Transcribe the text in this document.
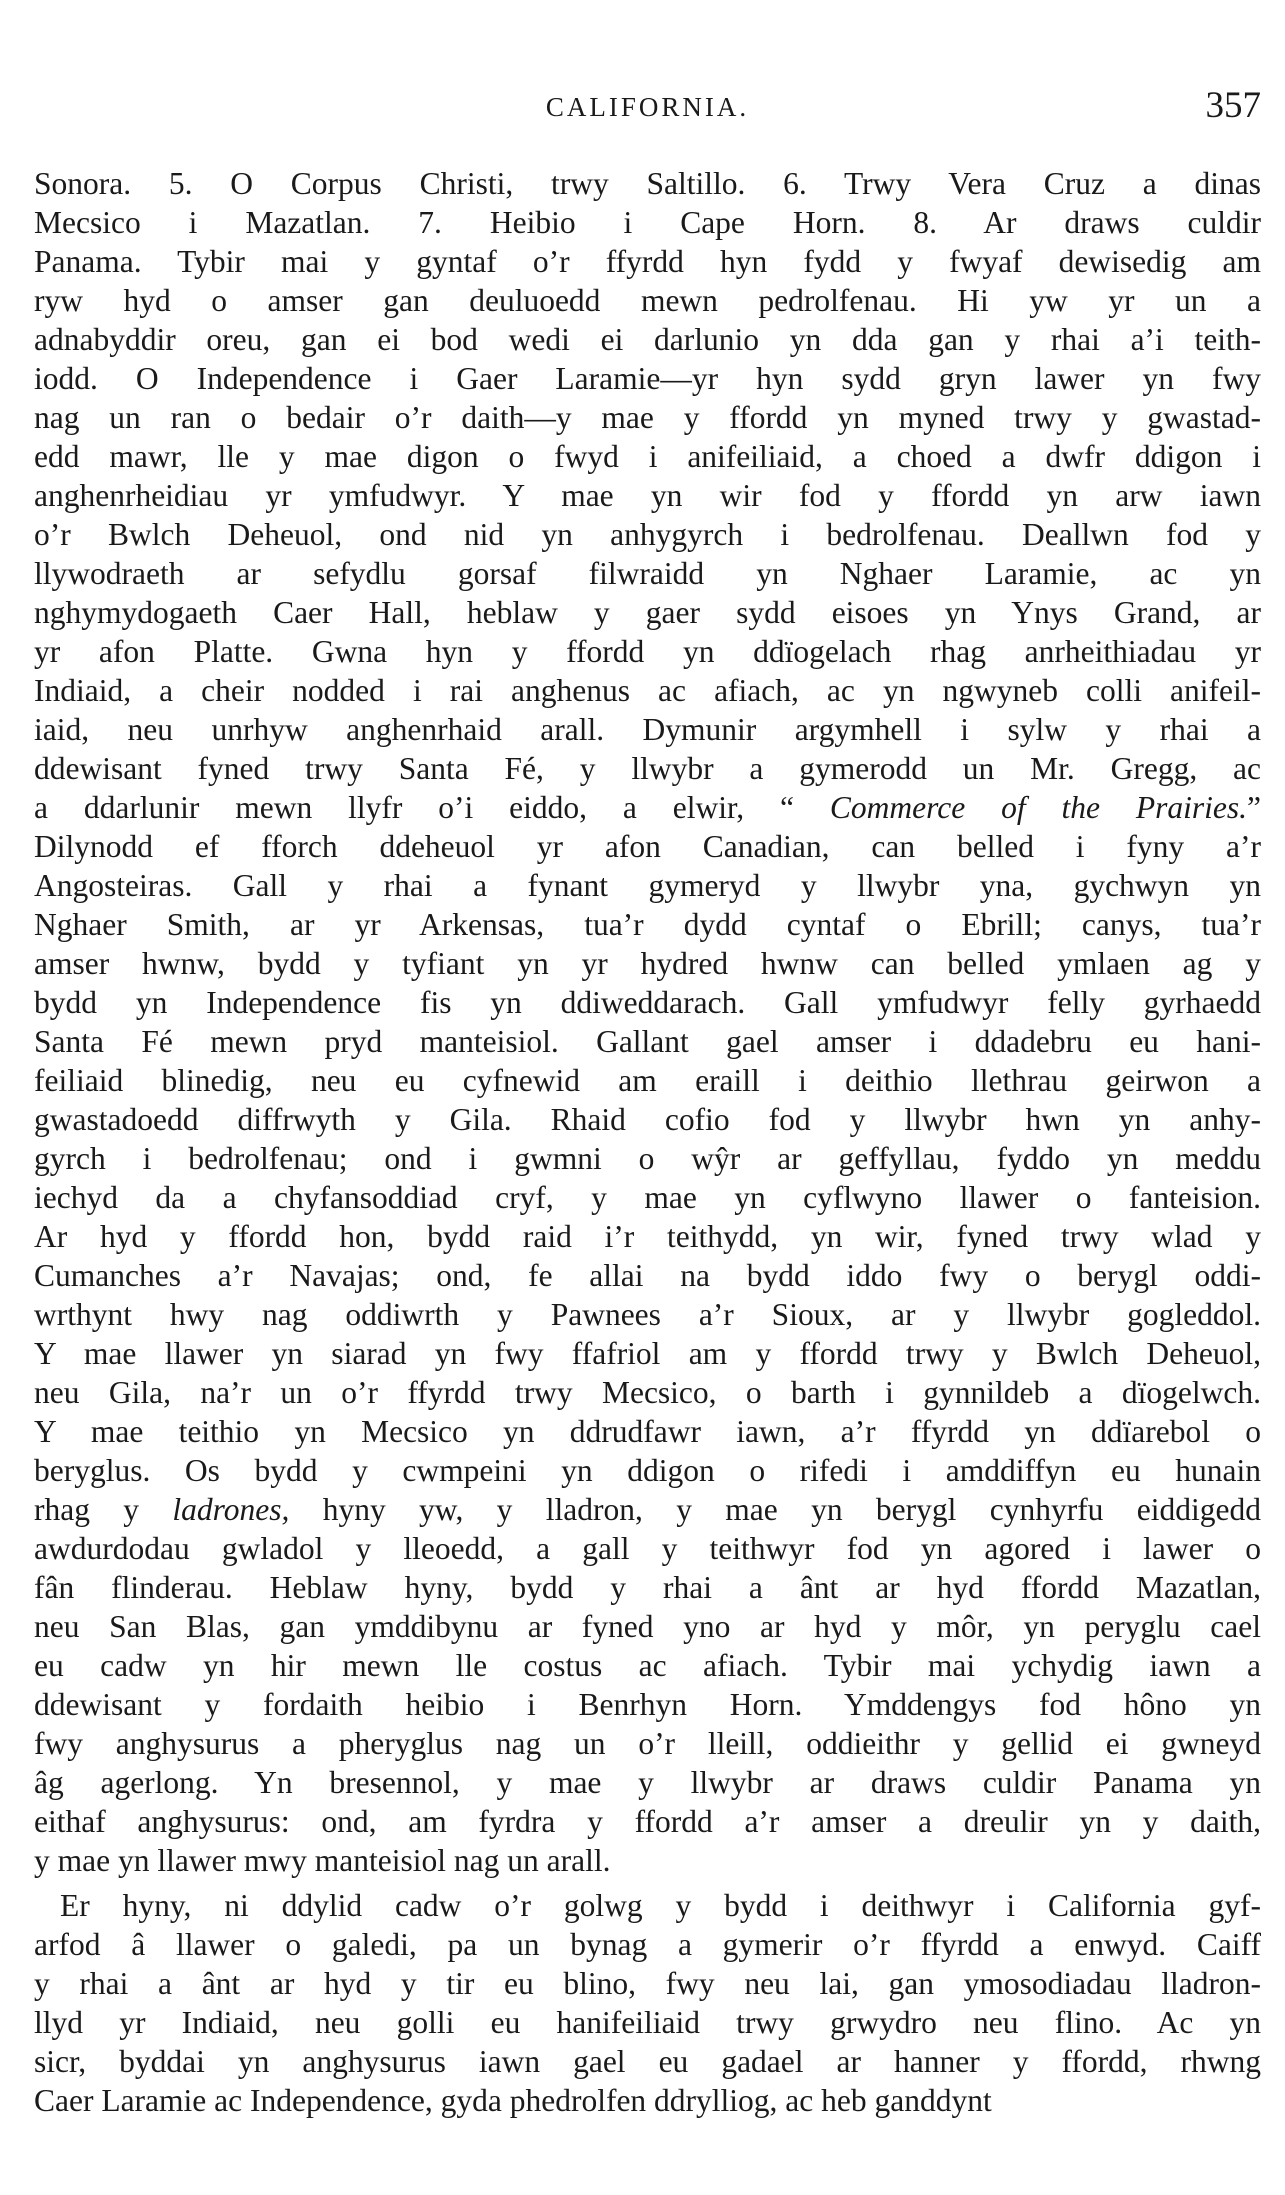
CALIFORNIA.	357
Sonora. 5. O Corpus Christi, trwy Saltillo. 6. Trwy Vera Cruz a dinas
Mecsico i Mazatlan. 7. Heibio i Cape Horn. 8. Ar draws culdir
Panama. Tybir mai y gyntaf o’r ffyrdd hyn fydd y fwyaf dewisedig am
ryw hyd o amser gan deuluoedd mewn pedrolfenau. Hi yw yr un a
adnabyddir oreu, gan ei bod wedi ei darlunio yn dda gan y rhai a’i teith-
iodd. O Independence i Gaer Laramie—yr hyn sydd gryn lawer yn fwy
nag un ran o bedair o’r daith—y mae y ffordd yn myned trwy y gwastad-
edd mawr, lle y mae digon o fwyd i anifeiliaid, a choed a dwfr ddigon i
anghenrheidiau yr ymfudwyr. Y mae yn wir fod y ffordd yn arw iawn
o’r Bwlch Deheuol, ond nid yn anhygyrch i bedrolfenau. Deallwn fod y
llywodraeth ar sefydlu gorsaf filwraidd yn Nghaer Laramie, ac yn
nghymydogaeth Caer Hall, heblaw y gaer sydd eisoes yn Ynys Grand, ar
yr afon Platte. Gwna hyn y ffordd yn ddïogelach rhag anrheithiadau yr
Indiaid, a cheir nodded i rai anghenus ac afiach, ac yn ngwyneb colli anifeil-
iaid, neu unrhyw anghenrhaid arall. Dymunir argymhell i sylw y rhai a
ddewisant fyned trwy Santa Fé, y llwybr a gymerodd un Mr. Gregg, ac
a ddarlunir mewn llyfr o’i eiddo, a elwir, “ Commerce of the Prairies.”
Dilynodd ef fforch ddeheuol yr afon Canadian, can belled i fyny a’r
Angosteiras. Gall y rhai a fynant gymeryd y llwybr yna, gychwyn yn
Nghaer Smith, ar yr Arkensas, tua’r dydd cyntaf o Ebrill; canys, tua’r
amser hwnw, bydd y tyfiant yn yr hydred hwnw can belled ymlaen ag y
bydd yn Independence fis yn ddiweddarach. Gall ymfudwyr felly gyrhaedd
Santa Fé mewn pryd manteisiol. Gallant gael amser i ddadebru eu hani-
feiliaid blinedig, neu eu cyfnewid am eraill i deithio llethrau geirwon a
gwastadoedd diffrwyth y Gila. Rhaid cofio fod y llwybr hwn yn anhy-
gyrch i bedrolfenau; ond i gwmni o wŷr ar geffyllau, fyddo yn meddu
iechyd da a chyfansoddiad cryf, y mae yn cyflwyno llawer o fanteision.
Ar hyd y ffordd hon, bydd raid i’r teithydd, yn wir, fyned trwy wlad y
Cumanches a’r Navajas; ond, fe allai na bydd iddo fwy o berygl oddi-
wrthynt hwy nag oddiwrth y Pawnees a’r Sioux, ar y llwybr gogleddol.
Y mae llawer yn siarad yn fwy ffafriol am y ffordd trwy y Bwlch Deheuol,
neu Gila, na’r un o’r ffyrdd trwy Mecsico, o barth i gynnildeb a dïogelwch.
Y mae teithio yn Mecsico yn ddrudfawr iawn, a’r ffyrdd yn ddïarebol o
beryglus. Os bydd y cwmpeini yn ddigon o rifedi i amddiffyn eu hunain
rhag y ladrones, hyny yw, y lladron, y mae yn berygl cynhyrfu eiddigedd
awdurdodau gwladol y lleoedd, a gall y teithwyr fod yn agored i lawer o
fân flinderau. Heblaw hyny, bydd y rhai a ânt ar hyd ffordd Mazatlan,
neu San Blas, gan ymddibynu ar fyned yno ar hyd y môr, yn peryglu cael
eu cadw yn hir mewn lle costus ac afiach. Tybir mai ychydig iawn a
ddewisant y fordaith heibio i Benrhyn Horn. Ymddengys fod hôno yn
fwy anghysurus a pheryglus nag un o’r lleill, oddieithr y gellid ei gwneyd
âg agerlong. Yn bresennol, y mae y llwybr ar draws culdir Panama yn
eithaf anghysurus: ond, am fyrdra y ffordd a’r amser a dreulir yn y daith,
y mae yn llawer mwy manteisiol nag un arall.
Er hyny, ni ddylid cadw o’r golwg y bydd i deithwyr i California gyf-
arfod â llawer o galedi, pa un bynag a gymerir o’r ffyrdd a enwyd. Caiff
y rhai a ânt ar hyd y tir eu blino, fwy neu lai, gan ymosodiadau lladron-
llyd yr Indiaid, neu golli eu hanifeiliaid trwy grwydro neu flino. Ac yn
sicr, byddai yn anghysurus iawn gael eu gadael ar hanner y ffordd, rhwng
Caer Laramie ac Independence, gyda phedrolfen ddrylliog, ac heb ganddynt
